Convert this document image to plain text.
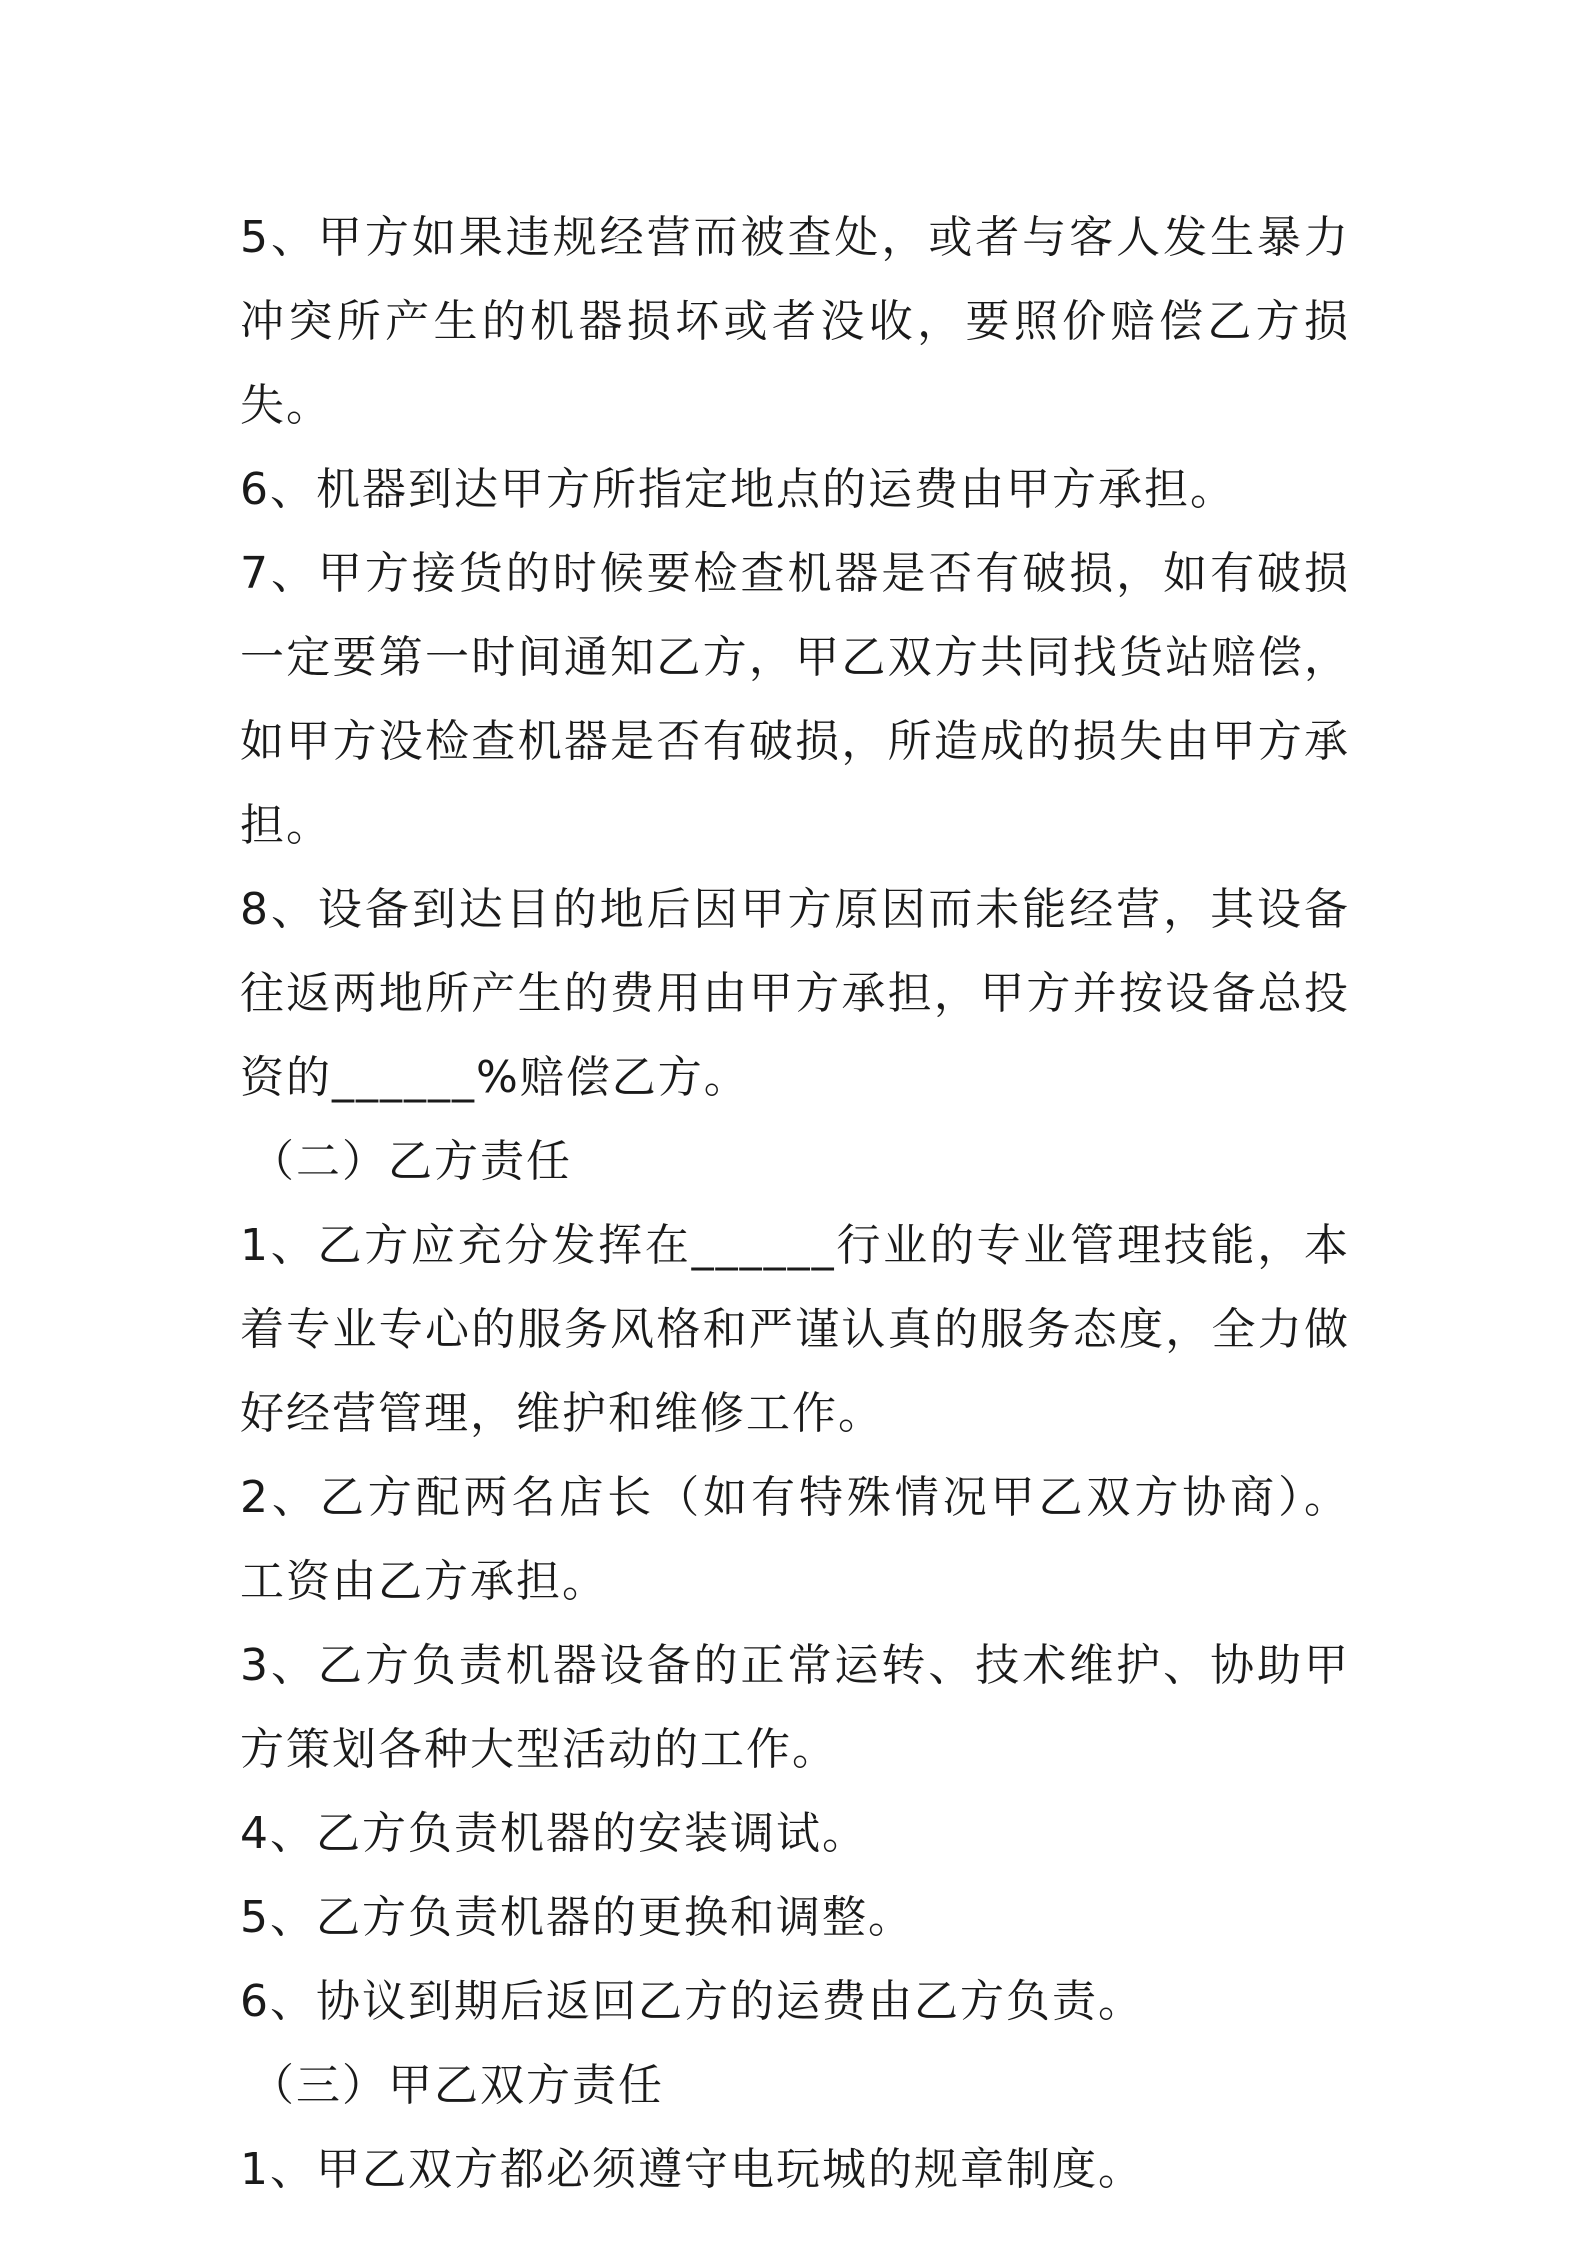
5、甲方如果违规经营而被查处，或者与客人发生暴力冲突所产生的机器损坏或者没收，要照价赔偿乙方损失。

6、机器到达甲方所指定地点的运费由甲方承担。

7、甲方接货的时候要检查机器是否有破损，如有破损一定要第一时间通知乙方，甲乙双方共同找货站赔偿，如甲方没检查机器是否有破损，所造成的损失由甲方承担。

8、设备到达目的地后因甲方原因而未能经营，其设备往返两地所产生的费用由甲方承担，甲方并按设备总投资的______%赔偿乙方。

（二）乙方责任

1、乙方应充分发挥在______行业的专业管理技能，本着专业专心的服务风格和严谨认真的服务态度，全力做好经营管理，维护和维修工作。

2、乙方配两名店长（如有特殊情况甲乙双方协商）。工资由乙方承担。

3、乙方负责机器设备的正常运转、技术维护、协助甲方策划各种大型活动的工作。

4、乙方负责机器的安装调试。

5、乙方负责机器的更换和调整。

6、协议到期后返回乙方的运费由乙方负责。

（三）甲乙双方责任

1、甲乙双方都必须遵守电玩城的规章制度。
